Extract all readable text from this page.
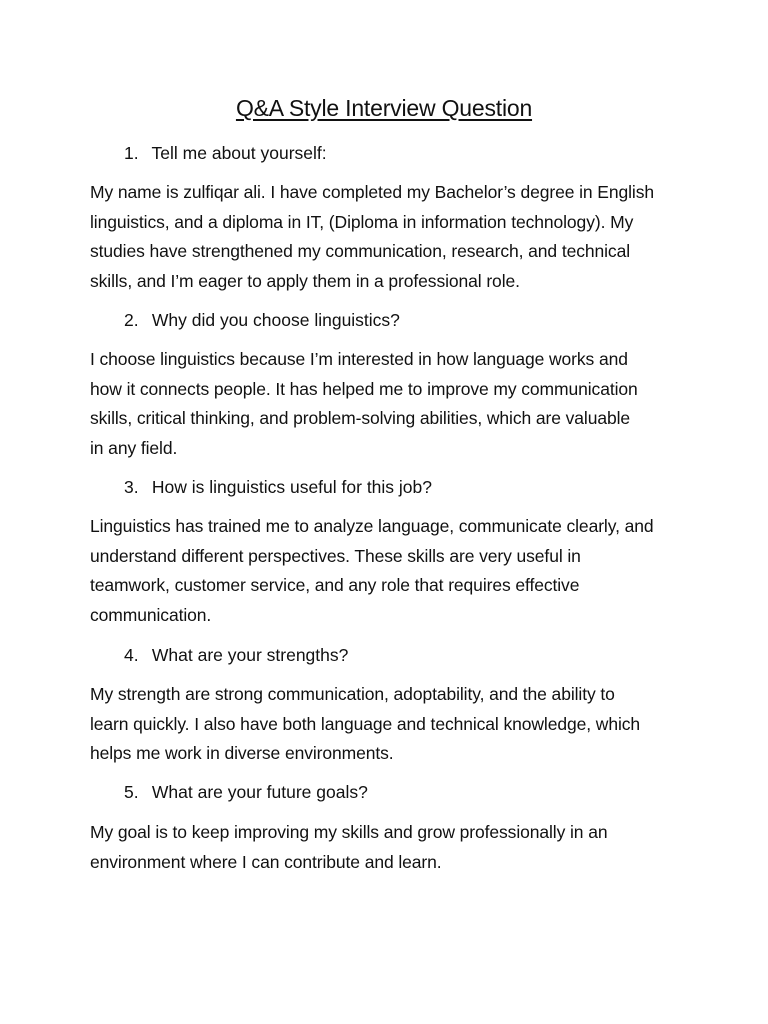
Q&A Style Interview Question

1. Tell me about yourself:

My name is zulfiqar ali. I have completed my Bachelor’s degree in English
linguistics, and a diploma in IT, (Diploma in information technology). My
studies have strengthened my communication, research, and technical
skills, and I’m eager to apply them in a professional role.

2. Why did you choose linguistics?

I choose linguistics because I’m interested in how language works and
how it connects people. It has helped me to improve my communication
skills, critical thinking, and problem-solving abilities, which are valuable
in any field.

3. How is linguistics useful for this job?

Linguistics has trained me to analyze language, communicate clearly, and
understand different perspectives. These skills are very useful in
teamwork, customer service, and any role that requires effective
communication.

4. What are your strengths?

My strength are strong communication, adoptability, and the ability to
learn quickly. I also have both language and technical knowledge, which
helps me work in diverse environments.

5. What are your future goals?

My goal is to keep improving my skills and grow professionally in an
environment where I can contribute and learn.
